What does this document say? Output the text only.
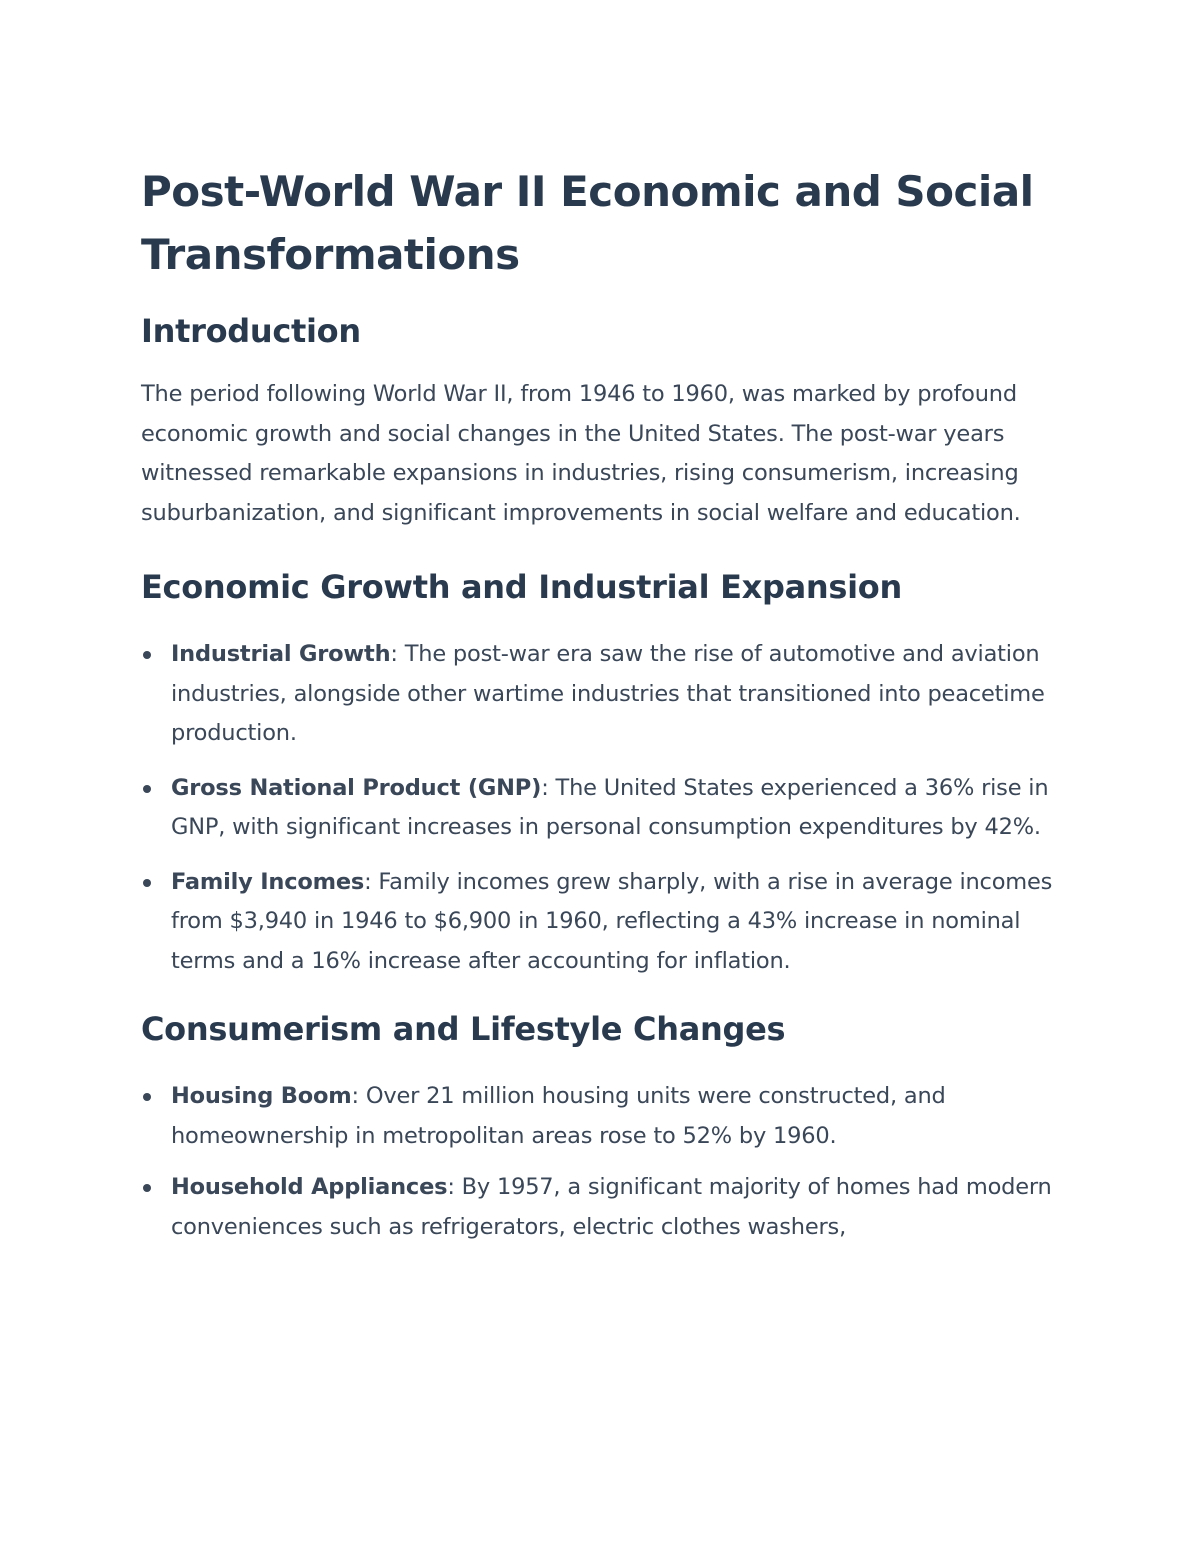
Post-World War II Economic and Social Transformations
Introduction

The period following World War II, from 1946 to 1960, was marked by profound economic growth and social changes in the United States. The post-war years witnessed remarkable expansions in industries, rising consumerism, increasing suburbanization, and significant improvements in social welfare and education.

Economic Growth and Industrial Expansion
Industrial Growth: The post-war era saw the rise of automotive and aviation industries, alongside other wartime industries that transitioned into peacetime production.
Gross National Product (GNP): The United States experienced a 36% rise in GNP, with significant increases in personal consumption expenditures by 42%.
Family Incomes: Family incomes grew sharply, with a rise in average incomes from $3,940 in 1946 to $6,900 in 1960, reflecting a 43% increase in nominal terms and a 16% increase after accounting for inflation.
Consumerism and Lifestyle Changes
Housing Boom: Over 21 million housing units were constructed, and homeownership in metropolitan areas rose to 52% by 1960.
Household Appliances: By 1957, a significant majority of homes had modern conveniences such as refrigerators, electric clothes washers,
